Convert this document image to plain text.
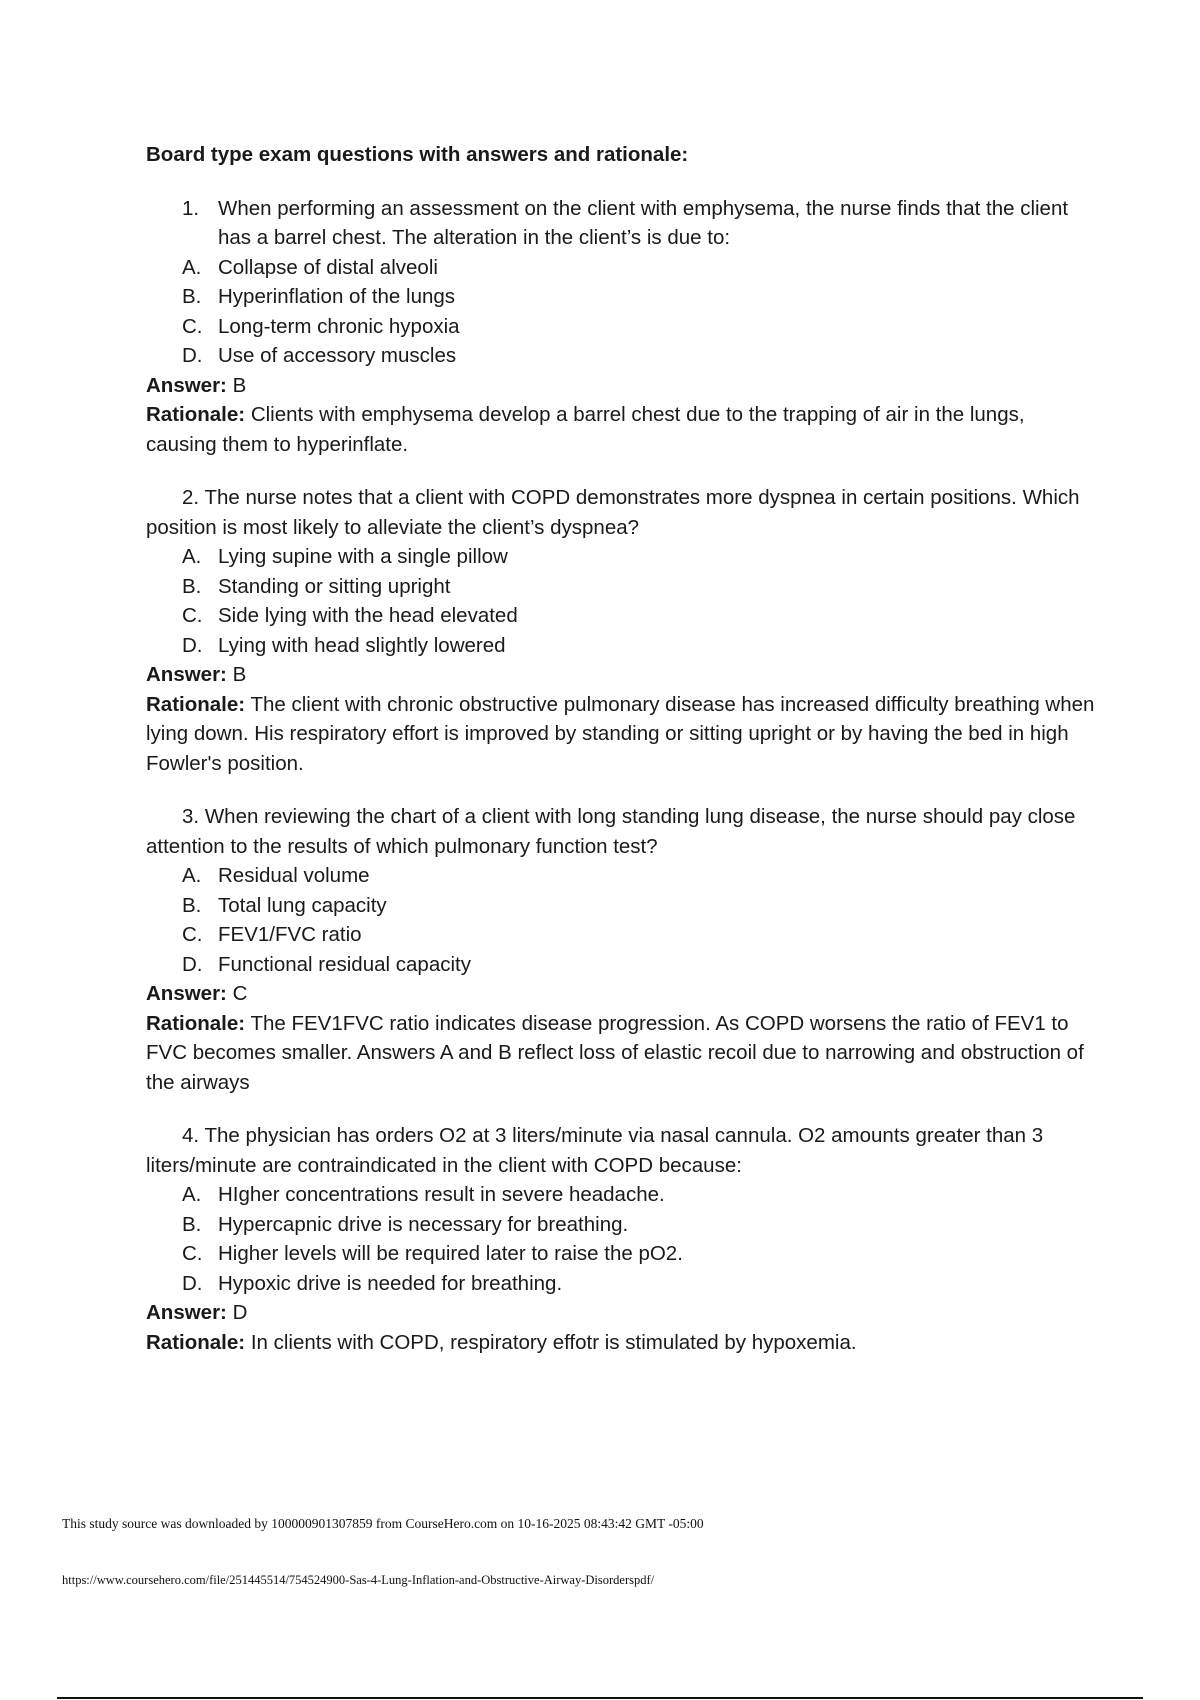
Board type exam questions with answers and rationale:

1. When performing an assessment on the client with emphysema, the nurse finds that the client has a barrel chest. The alteration in the client’s is due to:
A. Collapse of distal alveoli
B. Hyperinflation of the lungs
C. Long-term chronic hypoxia
D. Use of accessory muscles

Answer: B

Rationale: Clients with emphysema develop a barrel chest due to the trapping of air in the lungs, causing them to hyperinflate.

2. The nurse notes that a client with COPD demonstrates more dyspnea in certain positions. Which position is most likely to alleviate the client’s dyspnea?

A. Lying supine with a single pillow
B. Standing or sitting upright
C. Side lying with the head elevated
D. Lying with head slightly lowered

Answer: B

Rationale: The client with chronic obstructive pulmonary disease has increased difficulty breathing when lying down. His respiratory effort is improved by standing or sitting upright or by having the bed in high Fowler's position.

3. When reviewing the chart of a client with long standing lung disease, the nurse should pay close attention to the results of which pulmonary function test?

A. Residual volume
B. Total lung capacity
C. FEV1/FVC ratio
D. Functional residual capacity

Answer: C

Rationale: The FEV1FVC ratio indicates disease progression. As COPD worsens the ratio of FEV1 to FVC becomes smaller. Answers A and B reflect loss of elastic recoil due to narrowing and obstruction of the airways

4. The physician has orders O2 at 3 liters/minute via nasal cannula. O2 amounts greater than 3 liters/minute are contraindicated in the client with COPD because:

A. HIgher concentrations result in severe headache.
B. Hypercapnic drive is necessary for breathing.
C. Higher levels will be required later to raise the pO2.
D. Hypoxic drive is needed for breathing.

Answer: D

Rationale: In clients with COPD, respiratory effotr is stimulated by hypoxemia.

This study source was downloaded by 100000901307859 from CourseHero.com on 10-16-2025 08:43:42 GMT -05:00
https://www.coursehero.com/file/251445514/754524900-Sas-4-Lung-Inflation-and-Obstructive-Airway-Disorderspdf/
